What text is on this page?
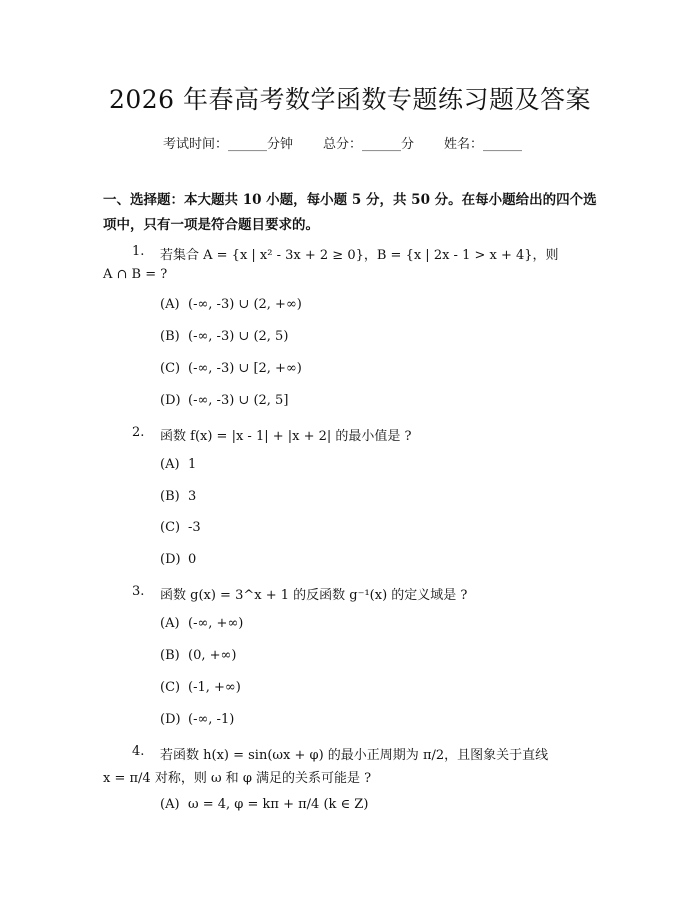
2026 年春高考数学函数专题练习题及答案
考试时间：______分钟 总分：______分 姓名：______
一、选择题：本大题共 10 小题，每小题 5 分，共 50 分。在每小题给出的四个选
项中，只有一项是符合题目要求的。
1. 若集合 A = {x | x² - 3x + 2 ≥ 0}，B = {x | 2x - 1 > x + 4}，则
A ∩ B = ?
(A) (-∞, -3) ∪ (2, +∞)
(B) (-∞, -3) ∪ (2, 5)
(C) (-∞, -3) ∪ [2, +∞)
(D) (-∞, -3) ∪ (2, 5]
2. 函数 f(x) = |x - 1| + |x + 2| 的最小值是 ?
(A) 1
(B) 3
(C) -3
(D) 0
3. 函数 g(x) = 3^x + 1 的反函数 g⁻¹(x) 的定义域是 ?
(A) (-∞, +∞)
(B) (0, +∞)
(C) (-1, +∞)
(D) (-∞, -1)
4. 若函数 h(x) = sin(ωx + φ) 的最小正周期为 π/2，且图象关于直线
x = π/4 对称，则 ω 和 φ 满足的关系可能是 ?
(A) ω = 4, φ = kπ + π/4 (k ∈ Z)
